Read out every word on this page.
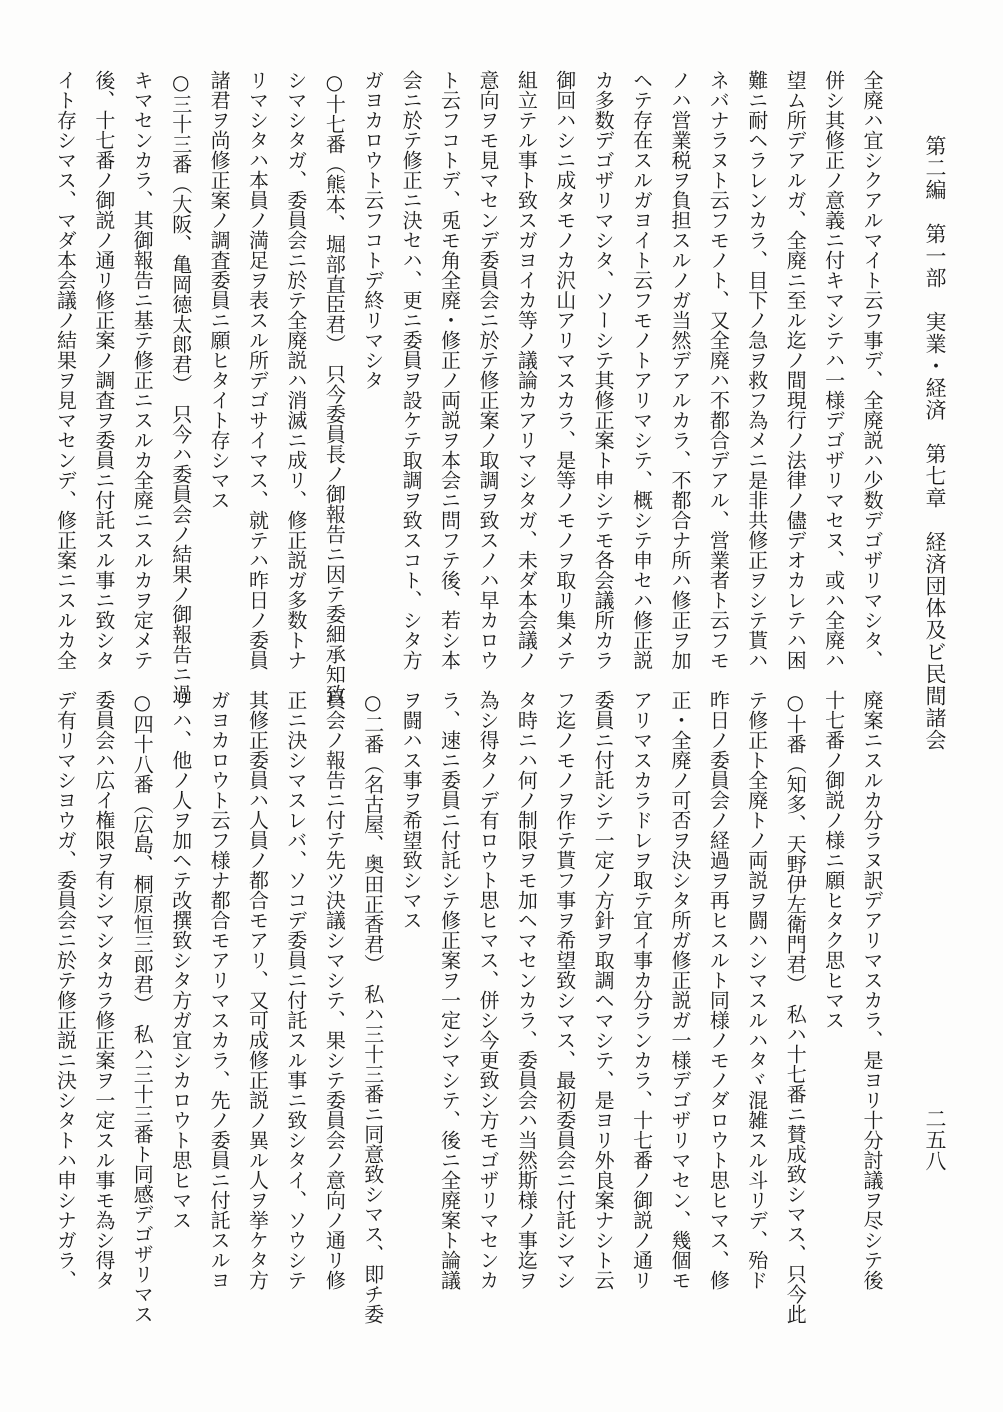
第二編　第一部　実業・経済　第七章　経済団体及ビ民間諸会
二五八
全廃ハ宜シクアルマイト云フ事デ、全廃説ハ少数デゴザリマシタ、
併シ其修正ノ意義ニ付キマシテハ一様デゴザリマセヌ、或ハ全廃ハ
望ム所デアルガ、全廃ニ至ル迄ノ間現行ノ法律ノ儘デオカレテハ困
難ニ耐ヘラレンカラ、目下ノ急ヲ救フ為メニ是非共修正ヲシテ貰ハ
ネバナラヌト云フモノト、又全廃ハ不都合デアル、営業者ト云フモ
ノハ営業税ヲ負担スルノガ当然デアルカラ、不都合ナ所ハ修正ヲ加
ヘテ存在スルガヨイト云フモノトアリマシテ、概シテ申セハ修正説
カ多数デゴザリマシタ、ソーシテ其修正案ト申シテモ各会議所カラ
御回ハシニ成タモノカ沢山アリマスカラ、是等ノモノヲ取リ集メテ
組立テル事ト致スガヨイカ等ノ議論カアリマシタガ、未ダ本会議ノ
意向ヲモ見マセンデ委員会ニ於テ修正案ノ取調ヲ致スノハ早カロウ
ト云フコトデ、兎モ角全廃・修正ノ両説ヲ本会ニ問フテ後、若シ本
会ニ於テ修正ニ決セハ、更ニ委員ヲ設ケテ取調ヲ致スコト、シタ方
ガヨカロウト云フコトデ終リマシタ
○十七番（熊本、堀部直臣君）　只今委員長ノ御報告ニ因テ委細承知致
シマシタガ、委員会ニ於テ全廃説ハ消滅ニ成リ、修正説ガ多数トナ
リマシタハ本員ノ満足ヲ表スル所デゴサイマス、就テハ昨日ノ委員
諸君ヲ尚修正案ノ調査委員ニ願ヒタイト存シマス
○三十三番（大阪、亀岡徳太郎君）　只今ハ委員会ノ結果ノ御報告ニ過
キマセンカラ、其御報告ニ基テ修正ニスルカ全廃ニスルカヲ定メテ
後、十七番ノ御説ノ通リ修正案ノ調査ヲ委員ニ付託スル事ニ致シタ
イト存シマス、マダ本会議ノ結果ヲ見マセンデ、修正案ニスルカ全
廃案ニスルカ分ラヌ訳デアリマスカラ、是ヨリ十分討議ヲ尽シテ後
十七番ノ御説ノ様ニ願ヒタク思ヒマス
○十番（知多、天野伊左衛門君）　私ハ十七番ニ賛成致シマス、只今此
テ修正ト全廃トノ両説ヲ闘ハシマスルハタヾ混雑スル斗リデ、殆ド
昨日ノ委員会ノ経過ヲ再ヒスルト同様ノモノダロウト思ヒマス、修
正・全廃ノ可否ヲ決シタ所ガ修正説ガ一様デゴザリマセン、幾個モ
アリマスカラドレヲ取テ宜イ事カ分ランカラ、十七番ノ御説ノ通リ
委員ニ付託シテ一定ノ方針ヲ取調ヘマシテ、是ヨリ外良案ナシト云
フ迄ノモノヲ作テ貰フ事ヲ希望致シマス、最初委員会ニ付託シマシ
タ時ニハ何ノ制限ヲモ加ヘマセンカラ、委員会ハ当然斯様ノ事迄ヲ
為シ得タノデ有ロウト思ヒマス、併シ今更致シ方モゴザリマセンカ
ラ、速ニ委員ニ付託シテ修正案ヲ一定シマシテ、後ニ全廃案ト論議
ヲ闘ハス事ヲ希望致シマス
○二番（名古屋、奥田正香君）　私ハ三十三番ニ同意致シマス、即チ委
員会ノ報告ニ付テ先ツ決議シマシテ、果シテ委員会ノ意向ノ通リ修
正ニ決シマスレバ、ソコデ委員ニ付託スル事ニ致シタイ、ソウシテ
其修正委員ハ人員ノ都合モアリ、又可成修正説ノ異ル人ヲ挙ケタ方
ガヨカロウト云フ様ナ都合モアリマスカラ、先ノ委員ニ付託スルヨ
リハ、他ノ人ヲ加ヘテ改撰致シタ方ガ宜シカロウト思ヒマス
○四十八番（広島、桐原恒三郎君）　私ハ三十三番ト同感デゴザリマス
委員会ハ広イ権限ヲ有シマシタカラ修正案ヲ一定スル事モ為シ得タ
デ有リマシヨウガ、委員会ニ於テ修正説ニ決シタトハ申シナガラ、
